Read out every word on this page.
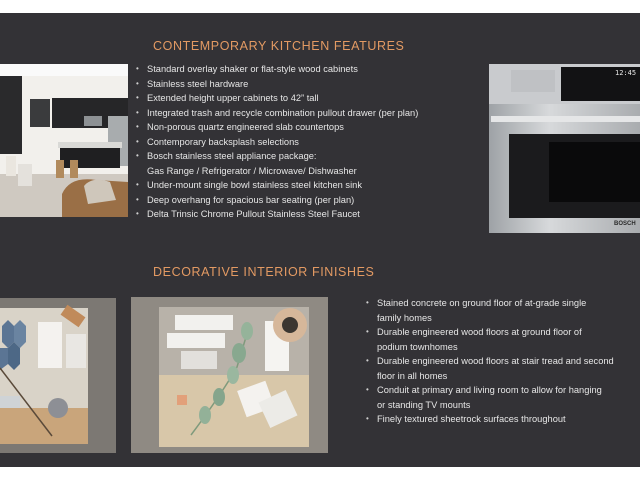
CONTEMPORARY KITCHEN FEATURES
• Standard overlay shaker or flat-style wood cabinets
• Stainless steel hardware
• Extended height upper cabinets to 42” tall
• Integrated trash and recycle combination pullout drawer (per plan)
• Non-porous quartz engineered slab countertops
• Contemporary backsplash selections
• Bosch stainless steel appliance package:
Gas Range / Refrigerator / Microwave/ Dishwasher
• Under-mount single bowl stainless steel kitchen sink
• Deep overhang for spacious bar seating (per plan)
• Delta Trinsic Chrome Pullout Stainless Steel Faucet
12:45
BOSCH
DECORATIVE INTERIOR FINISHES
• Stained concrete on ground floor of at-grade single
family homes
• Durable engineered wood floors at ground floor of
podium townhomes
• Durable engineered wood floors at stair tread and second
floor in all homes
• Conduit at primary and living room to allow for hanging
or standing TV mounts
• Finely textured sheetrock surfaces throughout
